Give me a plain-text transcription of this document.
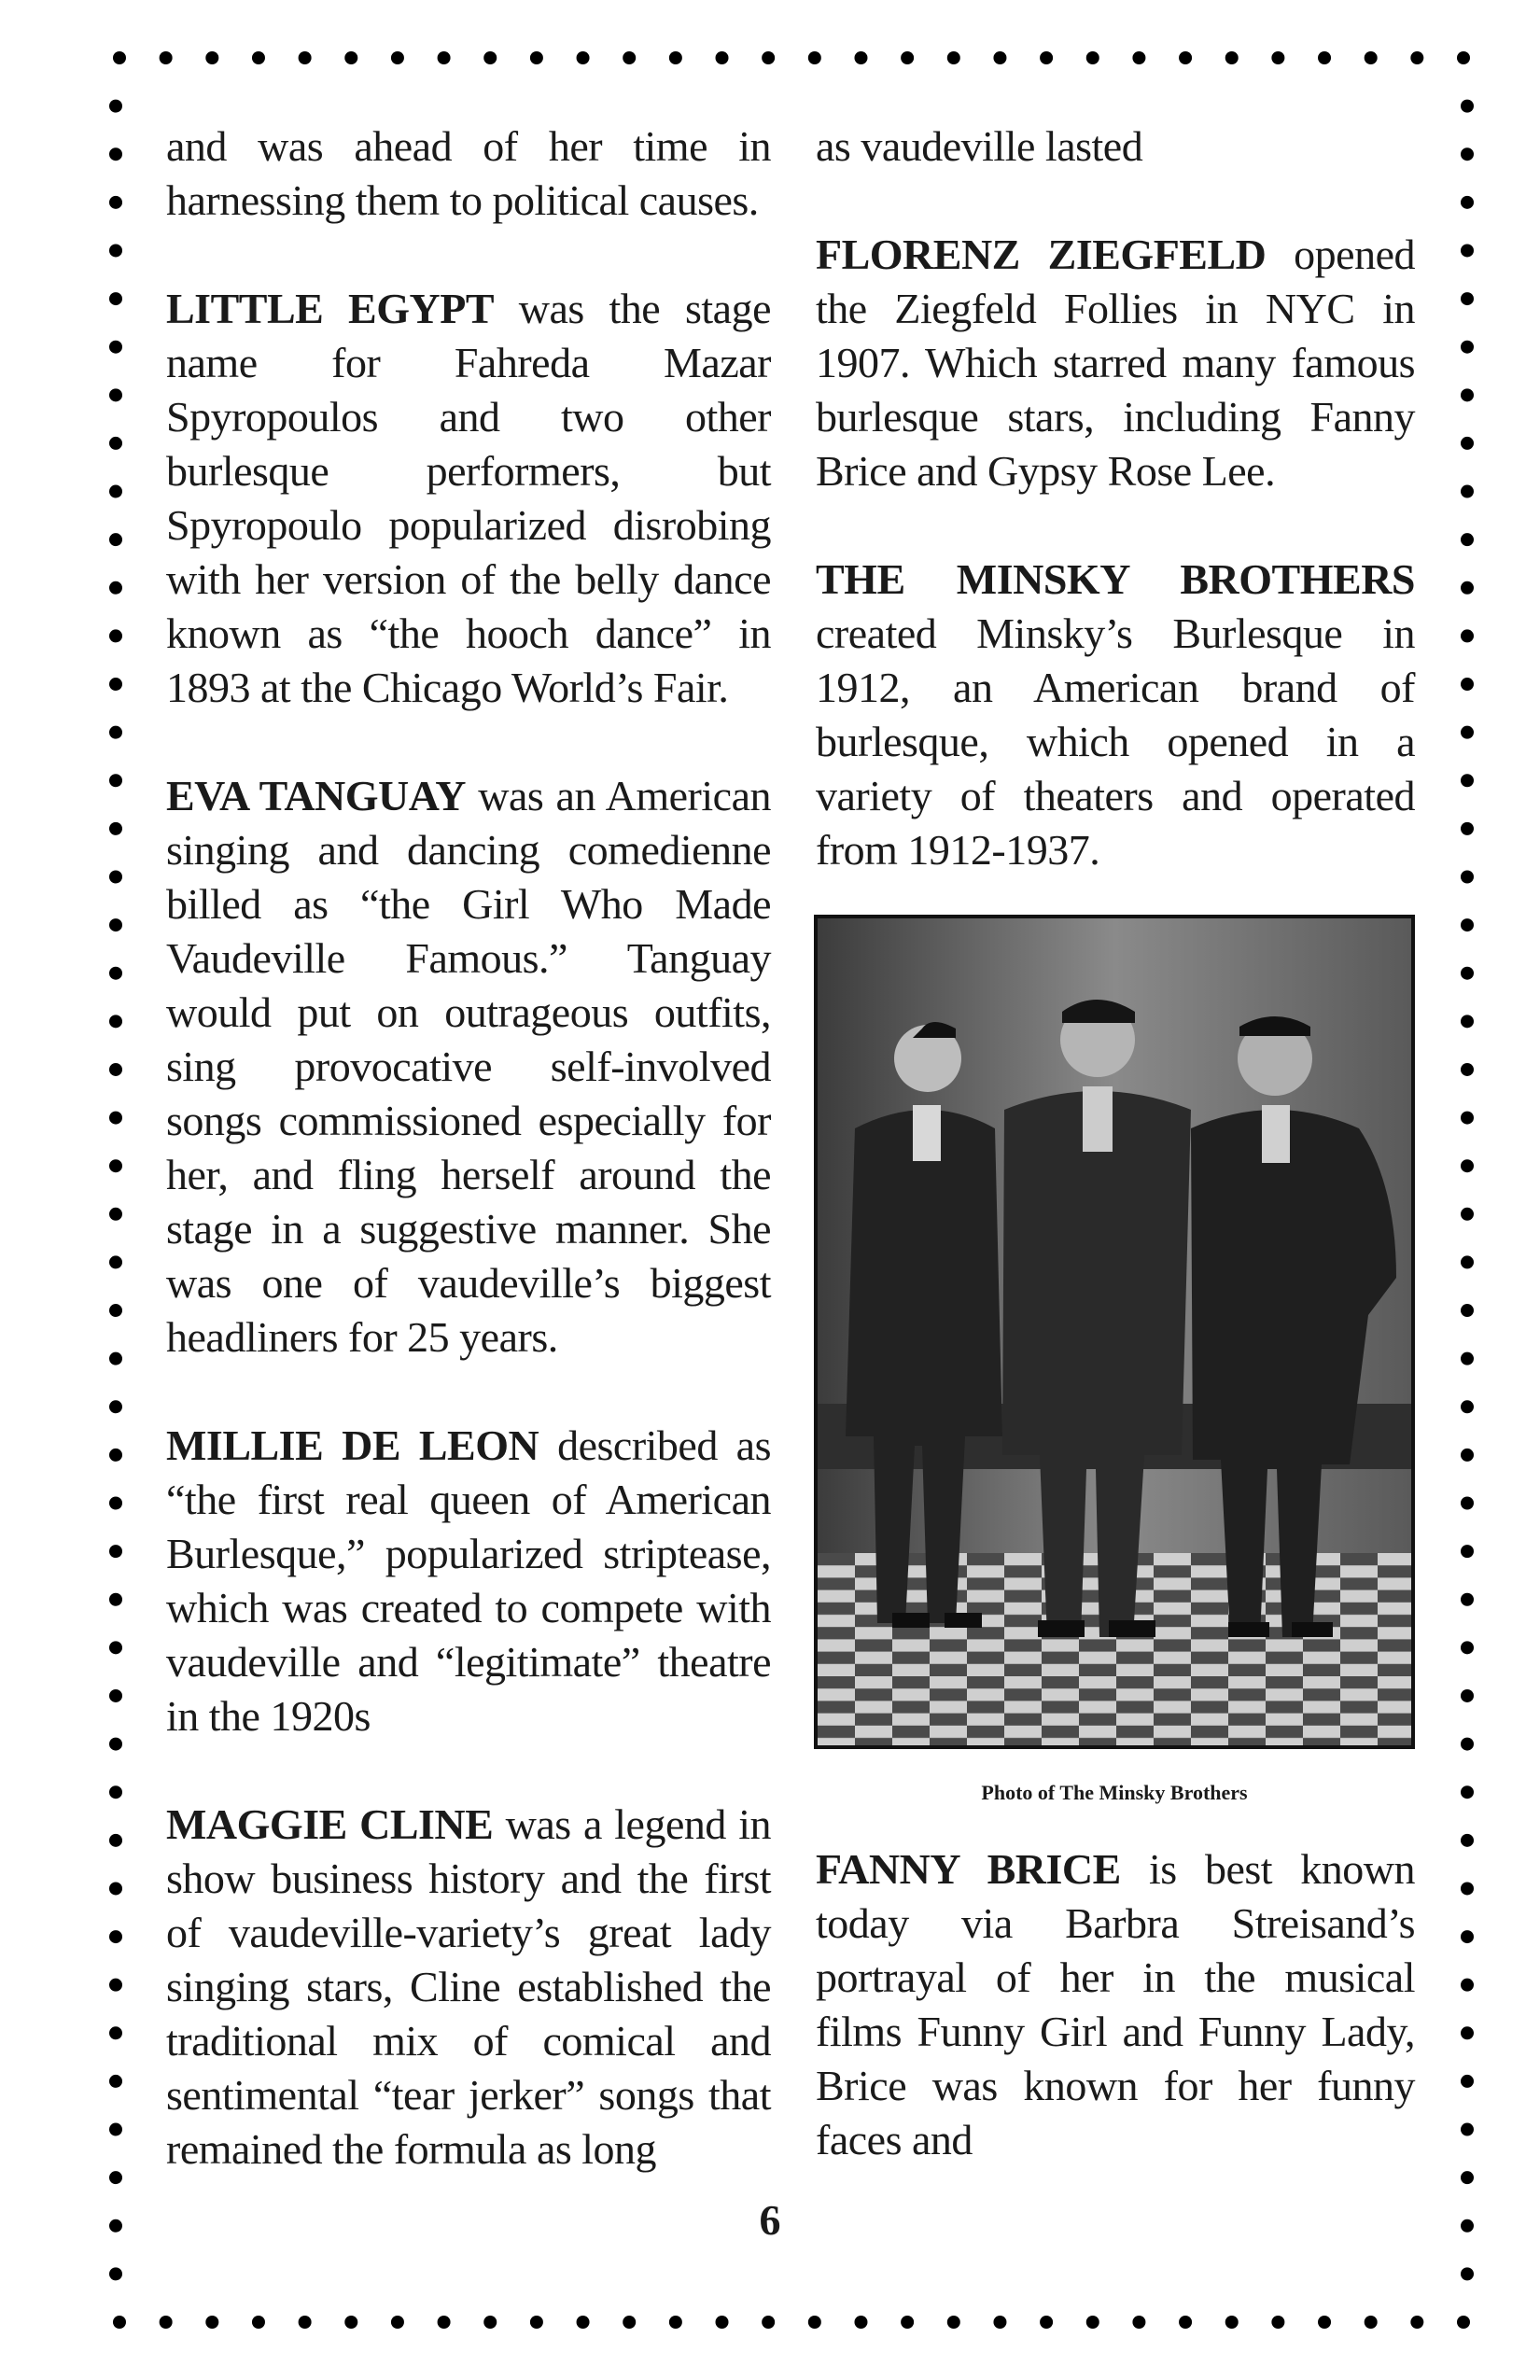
and was ahead of her time in harnessing them to political causes.

LITTLE EGYPT was the stage name for Fahreda Mazar Spyropoulos and two other burlesque performers, but Spyropoulo popularized disrobing with her version of the belly dance known as “the hooch dance” in 1893 at the Chicago World’s Fair.

EVA TANGUAY was an American singing and dancing comedienne billed as “the Girl Who Made Vaudeville Famous.” Tanguay would put on outrageous outfits, sing provocative self-involved songs commissioned especially for her, and fling herself around the stage in a suggestive manner. She was one of vaudeville’s biggest headliners for 25 years.

MILLIE DE LEON described as “the first real queen of American Burlesque,” popularized striptease, which was created to compete with vaudeville and “legitimate” theatre in the 1920s

MAGGIE CLINE was a legend in show business history and the first of vaudeville-variety’s great lady singing stars, Cline established the traditional mix of comical and sentimental “tear jerker” songs that remained the formula as long

as vaudeville lasted

FLORENZ ZIEGFELD opened the Ziegfeld Follies in NYC in 1907. Which starred many famous burlesque stars, including Fanny Brice and Gypsy Rose Lee.

THE MINSKY BROTHERS created Minsky’s Burlesque in 1912, an American brand of burlesque, which opened in a variety of theaters and operated from 1912-1937.

Photo of The Minsky Brothers

FANNY BRICE is best known today via Barbra Streisand’s portrayal of her in the musical films Funny Girl and Funny Lady, Brice was known for her funny faces and

6
